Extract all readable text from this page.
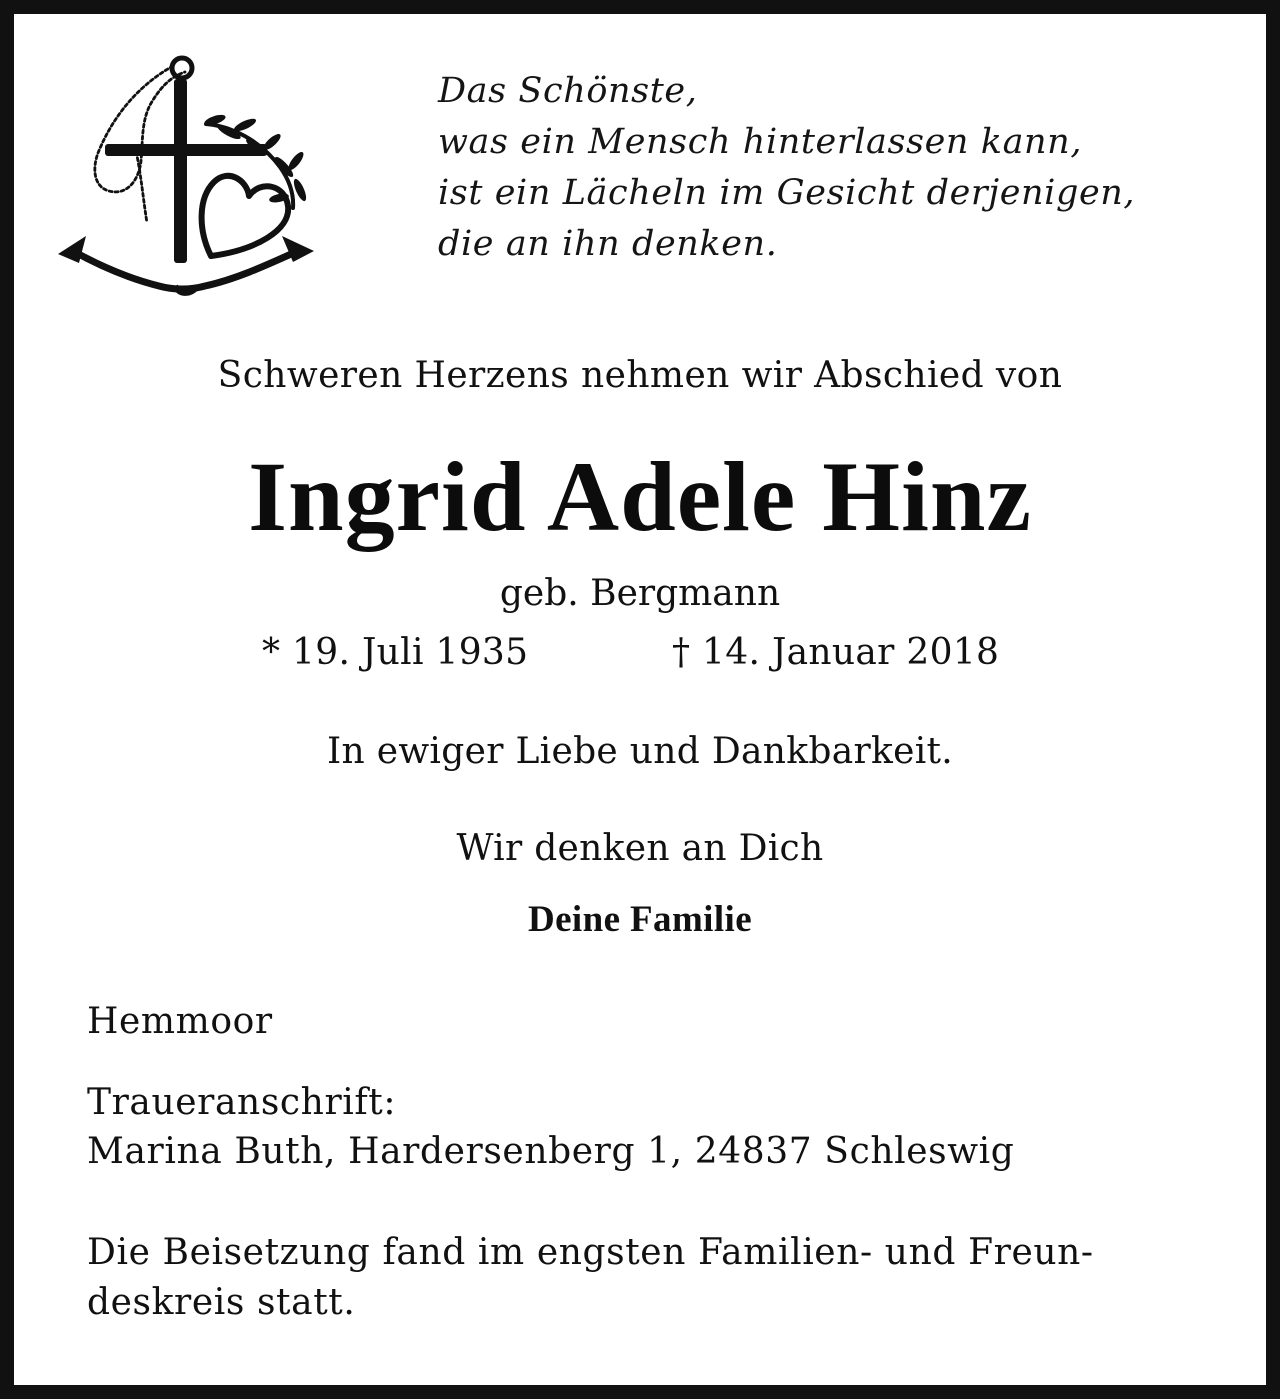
Das Schönste,
was ein Mensch hinterlassen kann,
ist ein Lächeln im Gesicht derjenigen,
die an ihn denken.
Schweren Herzens nehmen wir Abschied von
Ingrid Adele Hinz
geb. Bergmann
* 19. Juli 1935	† 14. Januar 2018
In ewiger Liebe und Dankbarkeit.
Wir denken an Dich
Deine Familie
Hemmoor
Traueranschrift:
Marina Buth, Hardersenberg 1, 24837 Schleswig
Die Beisetzung fand im engsten Familien- und Freun-
deskreis statt.
